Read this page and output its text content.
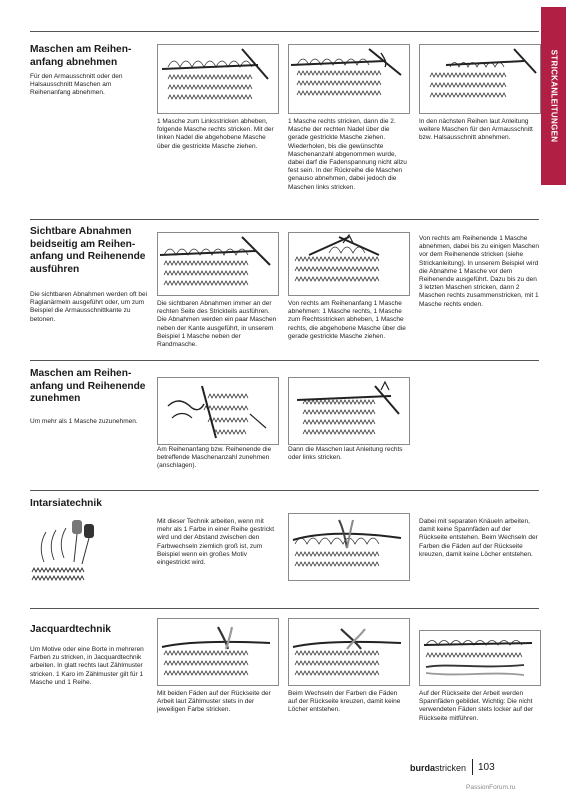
STRICKANLEITUNGEN
Maschen am Reihen-
anfang abnehmen
Für den Armausschnitt oder den Halsausschnitt Maschen am Reihenanfang abnehmen.
1 Masche zum Linksstricken abheben, folgende Masche rechts stricken. Mit der linken Nadel die abgehobene Masche über die gestrickte Masche ziehen.
1 Masche rechts stricken, dann die 2. Masche der rechten Nadel über die gerade gestrickte Masche ziehen. Wiederholen, bis die gewünschte Maschenanzahl abgenommen wurde, dabei darf die Fadenspannung nicht allzu fest sein. In der Rückreihe die Maschen genauso abnehmen, dabei jedoch die Maschen links stricken.
In den nächsten Reihen laut Anleitung weitere Maschen für den Armausschnitt bzw. Halsausschnitt abnehmen.
Sichtbare Abnahmen beidseitig am Reihen-anfang und Reihenende ausführen
Die sichtbaren Abnahmen werden oft bei Raglanärmeln ausgeführt oder, um zum Beispiel die Armausschnittkante zu betonen.
Die sichtbaren Abnahmen immer an der rechten Seite des Strickteils ausführen. Die Abnahmen werden ein paar Maschen neben der Kante ausgeführt, in unserem Beispiel 1 Masche neben der Randmasche.
Von rechts am Reihenanfang 1 Masche abnehmen: 1 Masche rechts, 1 Masche zum Rechtsstricken abheben, 1 Masche rechts, die abgehobene Masche über die gerade gestrickte Masche ziehen.
Von rechts am Reihenende 1 Masche abnehmen, dabei bis zu einigen Maschen vor dem Reihenende stricken (siehe Strickanleitung). In unserem Beispiel wird die Abnahme 1 Masche vor dem Reihenende ausgeführt. Dazu bis zu den 3 letzten Maschen stricken, dann 2 Maschen rechts zusammenstricken, mit 1 Masche rechts enden.
Maschen am Reihen-
anfang und Reihenende zunehmen
Um mehr als 1 Masche zuzunehmen.
Am Reihenanfang bzw. Reihenende die betreffende Maschenanzahl zunehmen (anschlagen).
Dann die Maschen laut Anleitung rechts oder links stricken.
Intarsiatechnik
Mit dieser Technik arbeiten, wenn mit mehr als 1 Farbe in einer Reihe gestrickt wird und der Abstand zwischen den Farbwechseln ziemlich groß ist, zum Beispiel wenn ein großes Motiv eingestrickt wird.
Dabei mit separaten Knäueln arbeiten, damit keine Spannfäden auf der Rückseite entstehen. Beim Wechseln der Farben die Fäden auf der Rückseite kreuzen, damit keine Löcher entstehen.
Jacquardtechnik
Um Motive oder eine Borte in mehreren Farben zu stricken, in Jacquardtechnik arbeiten. In glatt rechts laut Zählmuster stricken. 1 Karo im Zählmuster gilt für 1 Masche und 1 Reihe.
Mit beiden Fäden auf der Rückseite der Arbeit laut Zählmuster stets in der jeweiligen Farbe stricken.
Beim Wechseln der Farben die Fäden auf der Rückseite kreuzen, damit keine Löcher entstehen.
Auf der Rückseite der Arbeit werden Spannfäden gebildet. Wichtig: Die nicht verwendeten Fäden stets locker auf der Rückseite mitführen.
burdastricken 103
PassionForum.ru
